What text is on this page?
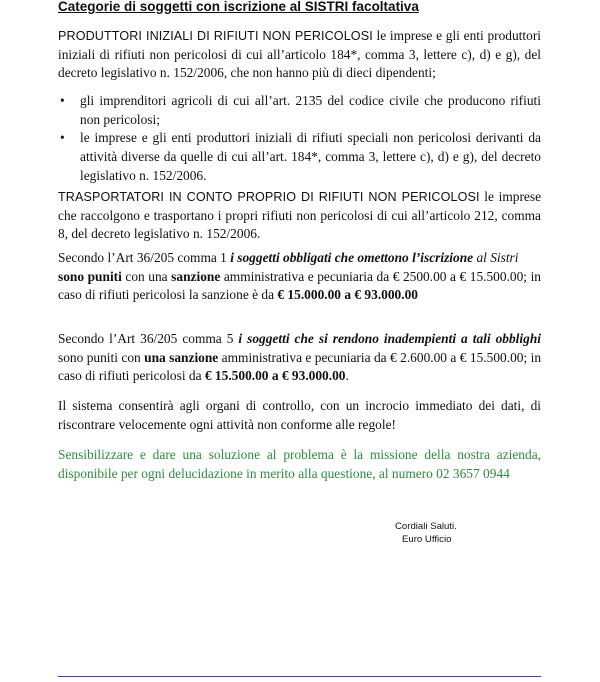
Categorie di soggetti con iscrizione al SISTRI facoltativa

PRODUTTORI INIZIALI DI RIFIUTI NON PERICOLOSI le imprese e gli enti produttori iniziali di rifiuti non pericolosi di cui all’articolo 184*, comma 3, lettere c), d) e g), del decreto legislativo n. 152/2006, che non hanno più di dieci dipendenti;

• gli imprenditori agricoli di cui all’art. 2135 del codice civile che producono rifiuti non pericolosi;
• le imprese e gli enti produttori iniziali di rifiuti speciali non pericolosi derivanti da attività diverse da quelle di cui all’art. 184*, comma 3, lettere c), d) e g), del decreto legislativo n. 152/2006.

TRASPORTATORI IN CONTO PROPRIO DI RIFIUTI NON PERICOLOSI le imprese che raccolgono e trasportano i propri rifiuti non pericolosi di cui all’articolo 212, comma 8, del decreto legislativo n. 152/2006.

Secondo l’Art 36/205 comma 1 i soggetti obbligati che omettono l’iscrizione al Sistri
sono puniti con una sanzione amministrativa e pecuniaria da € 2500.00 a € 15.500.00; in caso di rifiuti pericolosi la sanzione è da € 15.000.00 a € 93.000.00

Secondo l’Art 36/205 comma 5 i soggetti che si rendono inadempienti a tali obblighi sono puniti con una sanzione amministrativa e pecuniaria da € 2.600.00 a € 15.500.00; in caso di rifiuti pericolosi da € 15.500.00 a € 93.000.00.

Il sistema consentirà agli organi di controllo, con un incrocio immediato dei dati, di riscontrare velocemente ogni attività non conforme alle regole!

Sensibilizzare e dare una soluzione al problema è la missione della nostra azienda, disponibile per ogni delucidazione in merito alla questione, al numero 02 3657 0944

Cordiali Saluti.

Euro Ufficio
